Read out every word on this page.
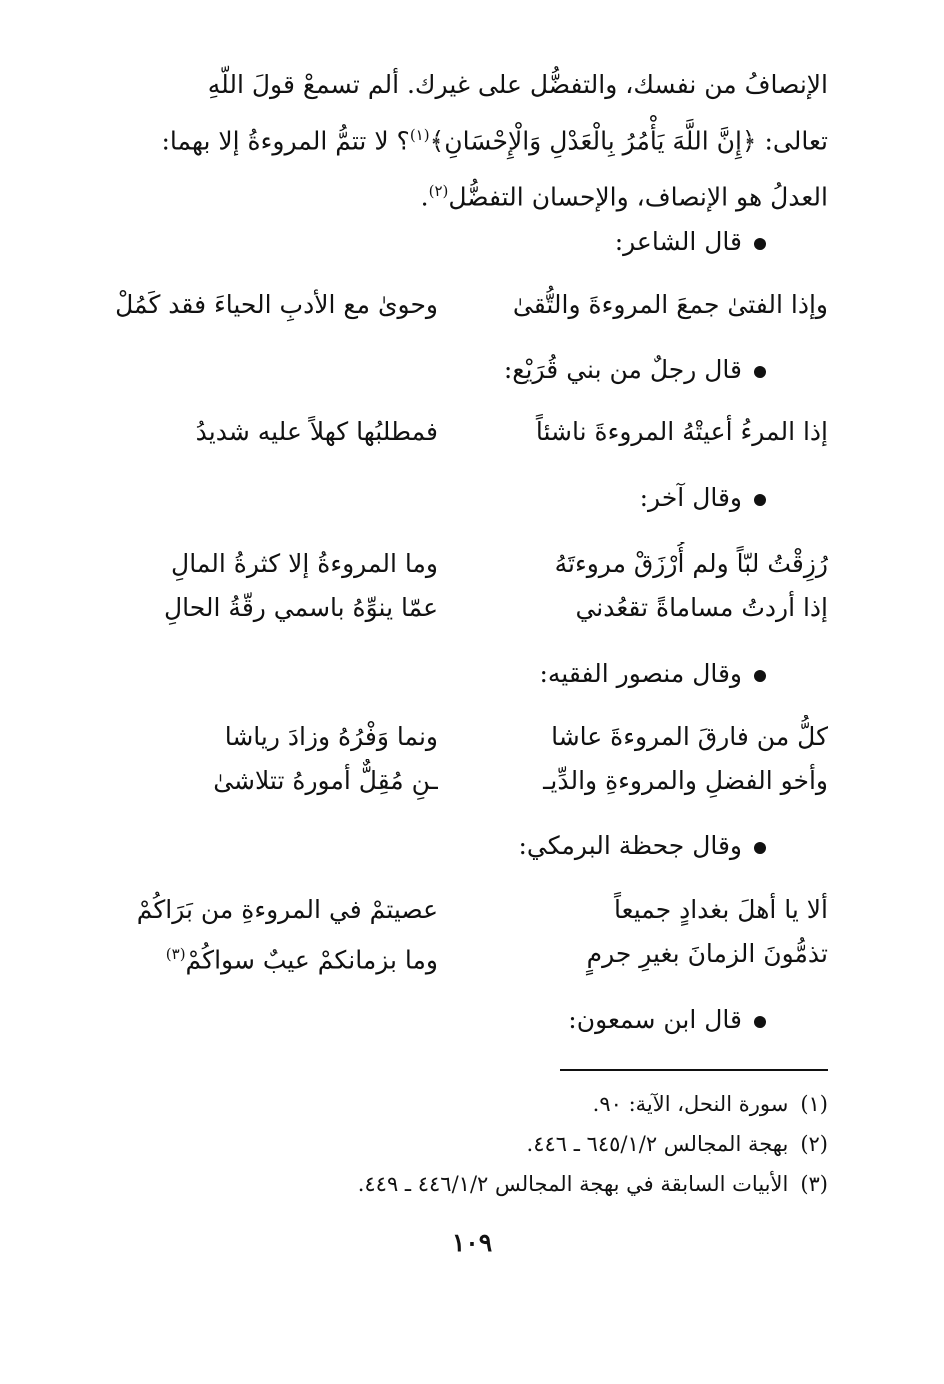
الإنصافُ من نفسك، والتفضُّل على غيرك. ألم تسمعْ قولَ اللّهِ

تعالى: ﴿إِنَّ اللَّهَ يَأْمُرُ بِالْعَدْلِ وَالْإِحْسَانِ﴾$^{(١)}$؟ لا تتمُّ المروءةُ إلا بهما:

العدلُ هو الإنصاف، والإحسان التفضُّل$^{(٢)}$.

قال الشاعر:
وإذا الفتىٰ جمعَ المروءةَ والتُّقىٰ
وحوىٰ مع الأدبِ الحياءَ فقد كَمُلْ
قال رجلٌ من بني قُرَيْع:
إذا المرءُ أعيتْهُ المروءةَ ناشئاً
فمطلبُها كهلاً عليه شديدُ
وقال آخر:
رُزِقْتُ لبّاً ولم أُرْزَقْ مروءتَهُ
وما المروءةُ إلا كثرةُ المالِ
إذا أردتُ مساماةً تقعُدني
عمّا ينوِّهُ باسمي رقّةُ الحالِ
وقال منصور الفقيه:
كلُّ من فارقَ المروءةَ عاشا
ونما وَفْرُهُ وزادَ رياشا
وأخو الفضلِ والمروءةِ والدِّيـ
ـنِ مُقِلٌّ أمورهُ تتلاشىٰ
وقال جحظة البرمكي:
ألا يا أهلَ بغدادٍ جميعاً
عصيتمْ في المروءةِ من بَرَاكُمْ
تذمُّونَ الزمانَ بغيرِ جرمٍ
وما بزمانكمْ عيبٌ سواكُمْ$^{(٣)}$
قال ابن سمعون:
(١)سورة النحل، الآية: ٩٠.
(٢)بهجة المجالس ٦٤٥/١/٢ ـ ٤٤٦.
(٣)الأبيات السابقة في بهجة المجالس ٤٤٦/١/٢ ـ ٤٤٩.
١٠٩
